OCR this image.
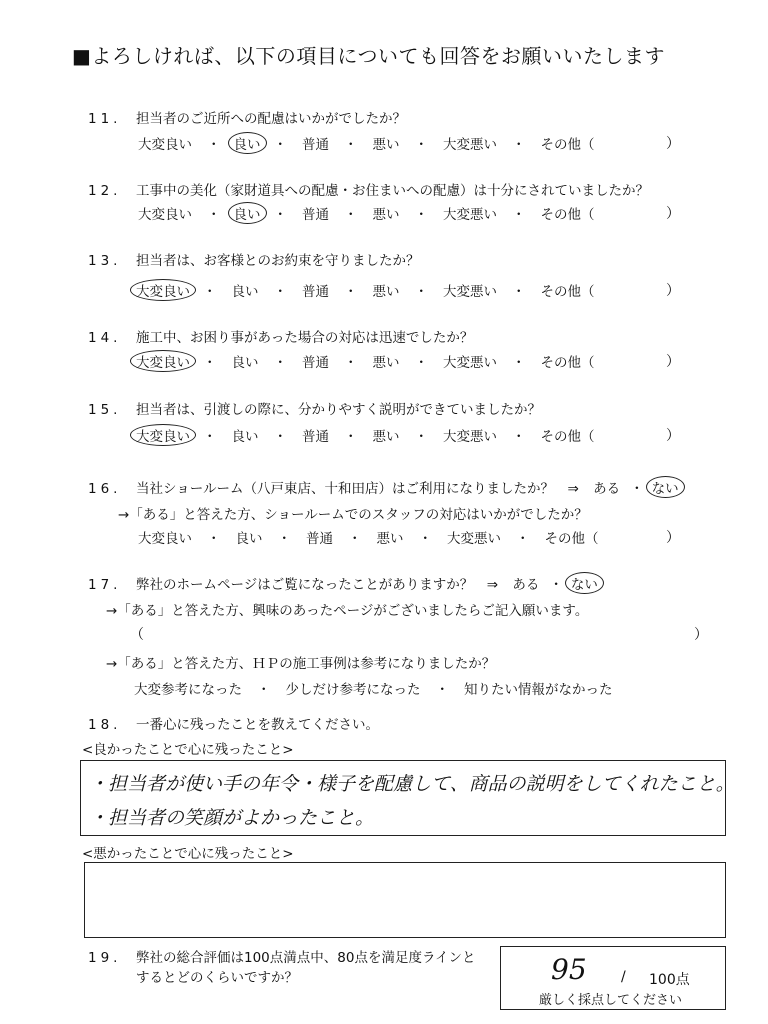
■よろしければ、以下の項目についても回答をお願いいたします
11. 担当者のご近所への配慮はいかがでしたか？
大変良い ・ 良い ・ 普通 ・ 悪い ・ 大変悪い ・ その他（	）
12. 工事中の美化（家財道具への配慮・お住まいへの配慮）は十分にされていましたか？
大変良い ・ 良い ・ 普通 ・ 悪い ・ 大変悪い ・ その他（	）
13. 担当者は、お客様とのお約束を守りましたか？
大変良い ・ 良い ・ 普通 ・ 悪い ・ 大変悪い ・ その他（	）
14. 施工中、お困り事があった場合の対応は迅速でしたか？
大変良い ・ 良い ・ 普通 ・ 悪い ・ 大変悪い ・ その他（	）
15. 担当者は、引渡しの際に、分かりやすく説明ができていましたか？
大変良い ・ 良い ・ 普通 ・ 悪い ・ 大変悪い ・ その他（	）
16. 当社ショールーム（八戸東店、十和田店）はご利用になりましたか？　⇒ ある ・ ない
→「ある」と答えた方、ショールームでのスタッフの対応はいかがでしたか？
大変良い ・ 良い ・ 普通 ・ 悪い ・ 大変悪い ・ その他（	）
17. 弊社のホームページはご覧になったことがありますか？　⇒ ある ・ ない
→「ある」と答えた方、興味のあったページがございましたらご記入願います。
（	）
→「ある」と答えた方、ＨＰの施工事例は参考になりましたか？
大変参考になった ・ 少しだけ参考になった ・ 知りたい情報がなかった
18. 一番心に残ったことを教えてください。
<良かったことで心に残ったこと>
・担当者が使い手の年令・様子を配慮して、商品の説明をしてくれたこと。
・担当者の笑顔がよかったこと。
<悪かったことで心に残ったこと>
19. 弊社の総合評価は100点満点中、80点を満足度ラインと
するとどのくらいですか？	95 / 100点
厳しく採点してください
